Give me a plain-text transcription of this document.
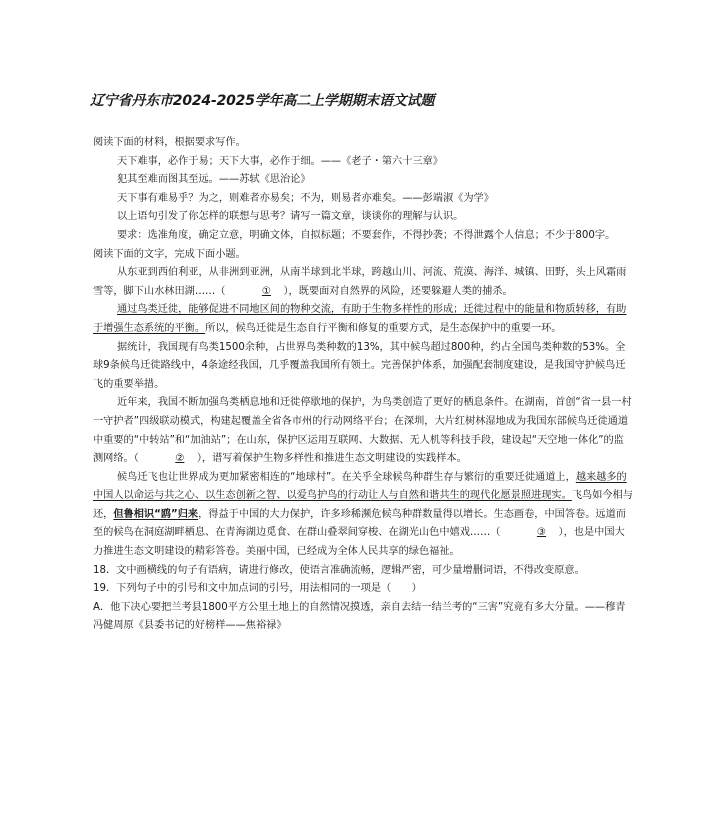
辽宁省丹东市2024-2025学年高二上学期期末语文试题

阅读下面的材料，根据要求写作。

天下难事，必作于易；天下大事，必作于细。——《老子・第六十三章》

犯其至难而图其至远。——苏轼《思治论》

天下事有难易乎？为之，则难者亦易矣；不为，则易者亦难矣。——彭端淑《为学》

以上语句引发了你怎样的联想与思考？请写一篇文章，谈谈你的理解与认识。

要求：选准角度，确定立意，明确文体，自拟标题；不要套作，不得抄袭；不得泄露个人信息；不少于800字。

阅读下面的文字，完成下面小题。

从东亚到西伯利亚，从非洲到亚洲，从南半球到北半球，跨越山川、河流、荒漠、海洋、城镇、田野，头上风霜雨雪等，脚下山水林田湖……（	① ），既要面对自然界的风险，还要躲避人类的捕杀。

通过鸟类迁徙，能够促进不同地区间的物种交流，有助于生物多样性的形成；迁徙过程中的能量和物质转移，有助于增强生态系统的平衡。所以，候鸟迁徙是生态自行平衡和修复的重要方式，是生态保护中的重要一环。

据统计，我国现有鸟类1500余种，占世界鸟类种数的13%，其中候鸟超过800种，约占全国鸟类种数的53%。全球9条候鸟迁徙路线中，4条途经我国，几乎覆盖我国所有领土。完善保护体系，加强配套制度建设，是我国守护候鸟迁飞的重要举措。

近年来，我国不断加强鸟类栖息地和迁徙停歇地的保护，为鸟类创造了更好的栖息条件。在湖南，首创“省一县一村一守护者”四级联动模式，构建起覆盖全省各市州的行动网络平台；在深圳，大片红树林湿地成为我国东部候鸟迁徙通道中重要的“中转站”和“加油站”；在山东，保护区运用互联网、大数据、无人机等科技手段，建设起“天空地一体化”的监测网络。（	② ），谱写着保护生物多样性和推进生态文明建设的实践样本。

候鸟迁飞也让世界成为更加紧密相连的“地球村”。在关乎全球候鸟种群生存与繁衍的重要迁徙通道上，越来越多的中国人以命运与共之心、以生态创新之智、以爱鸟护鸟的行动让人与自然和谐共生的现代化愿景照进现实。飞鸟如今相与还，但鲁相识“鸥”归来，得益于中国的大力保护，许多珍稀濒危候鸟种群数量得以增长。生态画卷，中国答卷。远道而至的候鸟在洞庭湖畔栖息、在青海湖边觅食、在群山叠翠间穿梭、在湖光山色中嬉戏……（	③ ），也是中国大力推进生态文明建设的精彩答卷。美丽中国，已经成为全体人民共享的绿色福祉。

18．文中画横线的句子有语病，请进行修改，使语言准确流畅，逻辑严密，可少量增删词语，不得改变原意。

19．下列句子中的引号和文中加点词的引号，用法相同的一项是（　　）

A．他下决心要把兰考县1800平方公里土地上的自然情况摸透，亲自去结一结兰考的“三害”究竟有多大分量。——穆青冯健周原《县委书记的好榜样——焦裕禄》
